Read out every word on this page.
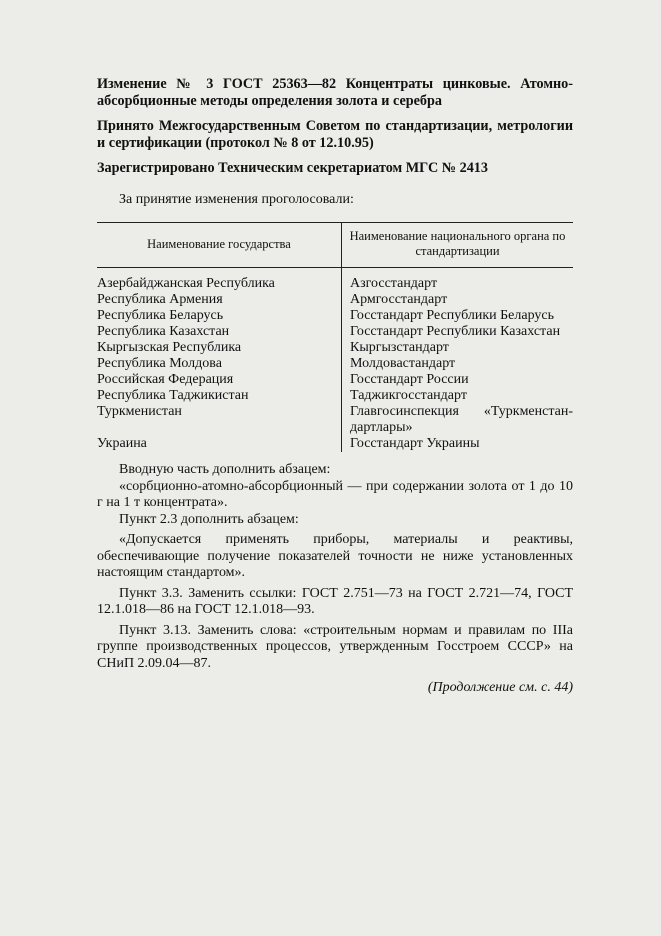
Изменение № 3 ГОСТ 25363—82 Концентраты цинковые. Атомно-абсорбционные методы определения золота и серебра
Принято Межгосударственным Советом по стандартизации, метрологии и сертификации (протокол № 8 от 12.10.95)
Зарегистрировано Техническим секретариатом МГС № 2413
За принятие изменения проголосовали:
Наименование государства	Наименование национального органа по стандартизации
Азербайджанская Республика	Азгосстандарт
Республика Армения	Армгосстандарт
Республика Беларусь	Госстандарт Республики Беларусь
Республика Казахстан	Госстандарт Республики Казахстан
Кыргызская Республика	Кыргызстандарт
Республика Молдова	Молдовастандарт
Российская Федерация	Госстандарт России
Республика Таджикистан	Таджикгосстандарт
Туркменистан	Главгосинспекция «Туркменстан-дартлары»
Украина	Госстандарт Украины

Вводную часть дополнить абзацем:

«сорбционно-атомно-абсорбционный — при содержании золота от 1 до 10 г на 1 т концентрата».

Пункт 2.3 дополнить абзацем:

«Допускается применять приборы, материалы и реактивы, обеспечивающие получение показателей точности не ниже установленных настоящим стандартом».

Пункт 3.3. Заменить ссылки: ГОСТ 2.751—73 на ГОСТ 2.721—74, ГОСТ 12.1.018—86 на ГОСТ 12.1.018—93.

Пункт 3.13. Заменить слова: «строительным нормам и правилам по IIIa группе производственных процессов, утвержденным Госстроем СССР» на СНиП 2.09.04—87.

(Продолжение см. с. 44)
